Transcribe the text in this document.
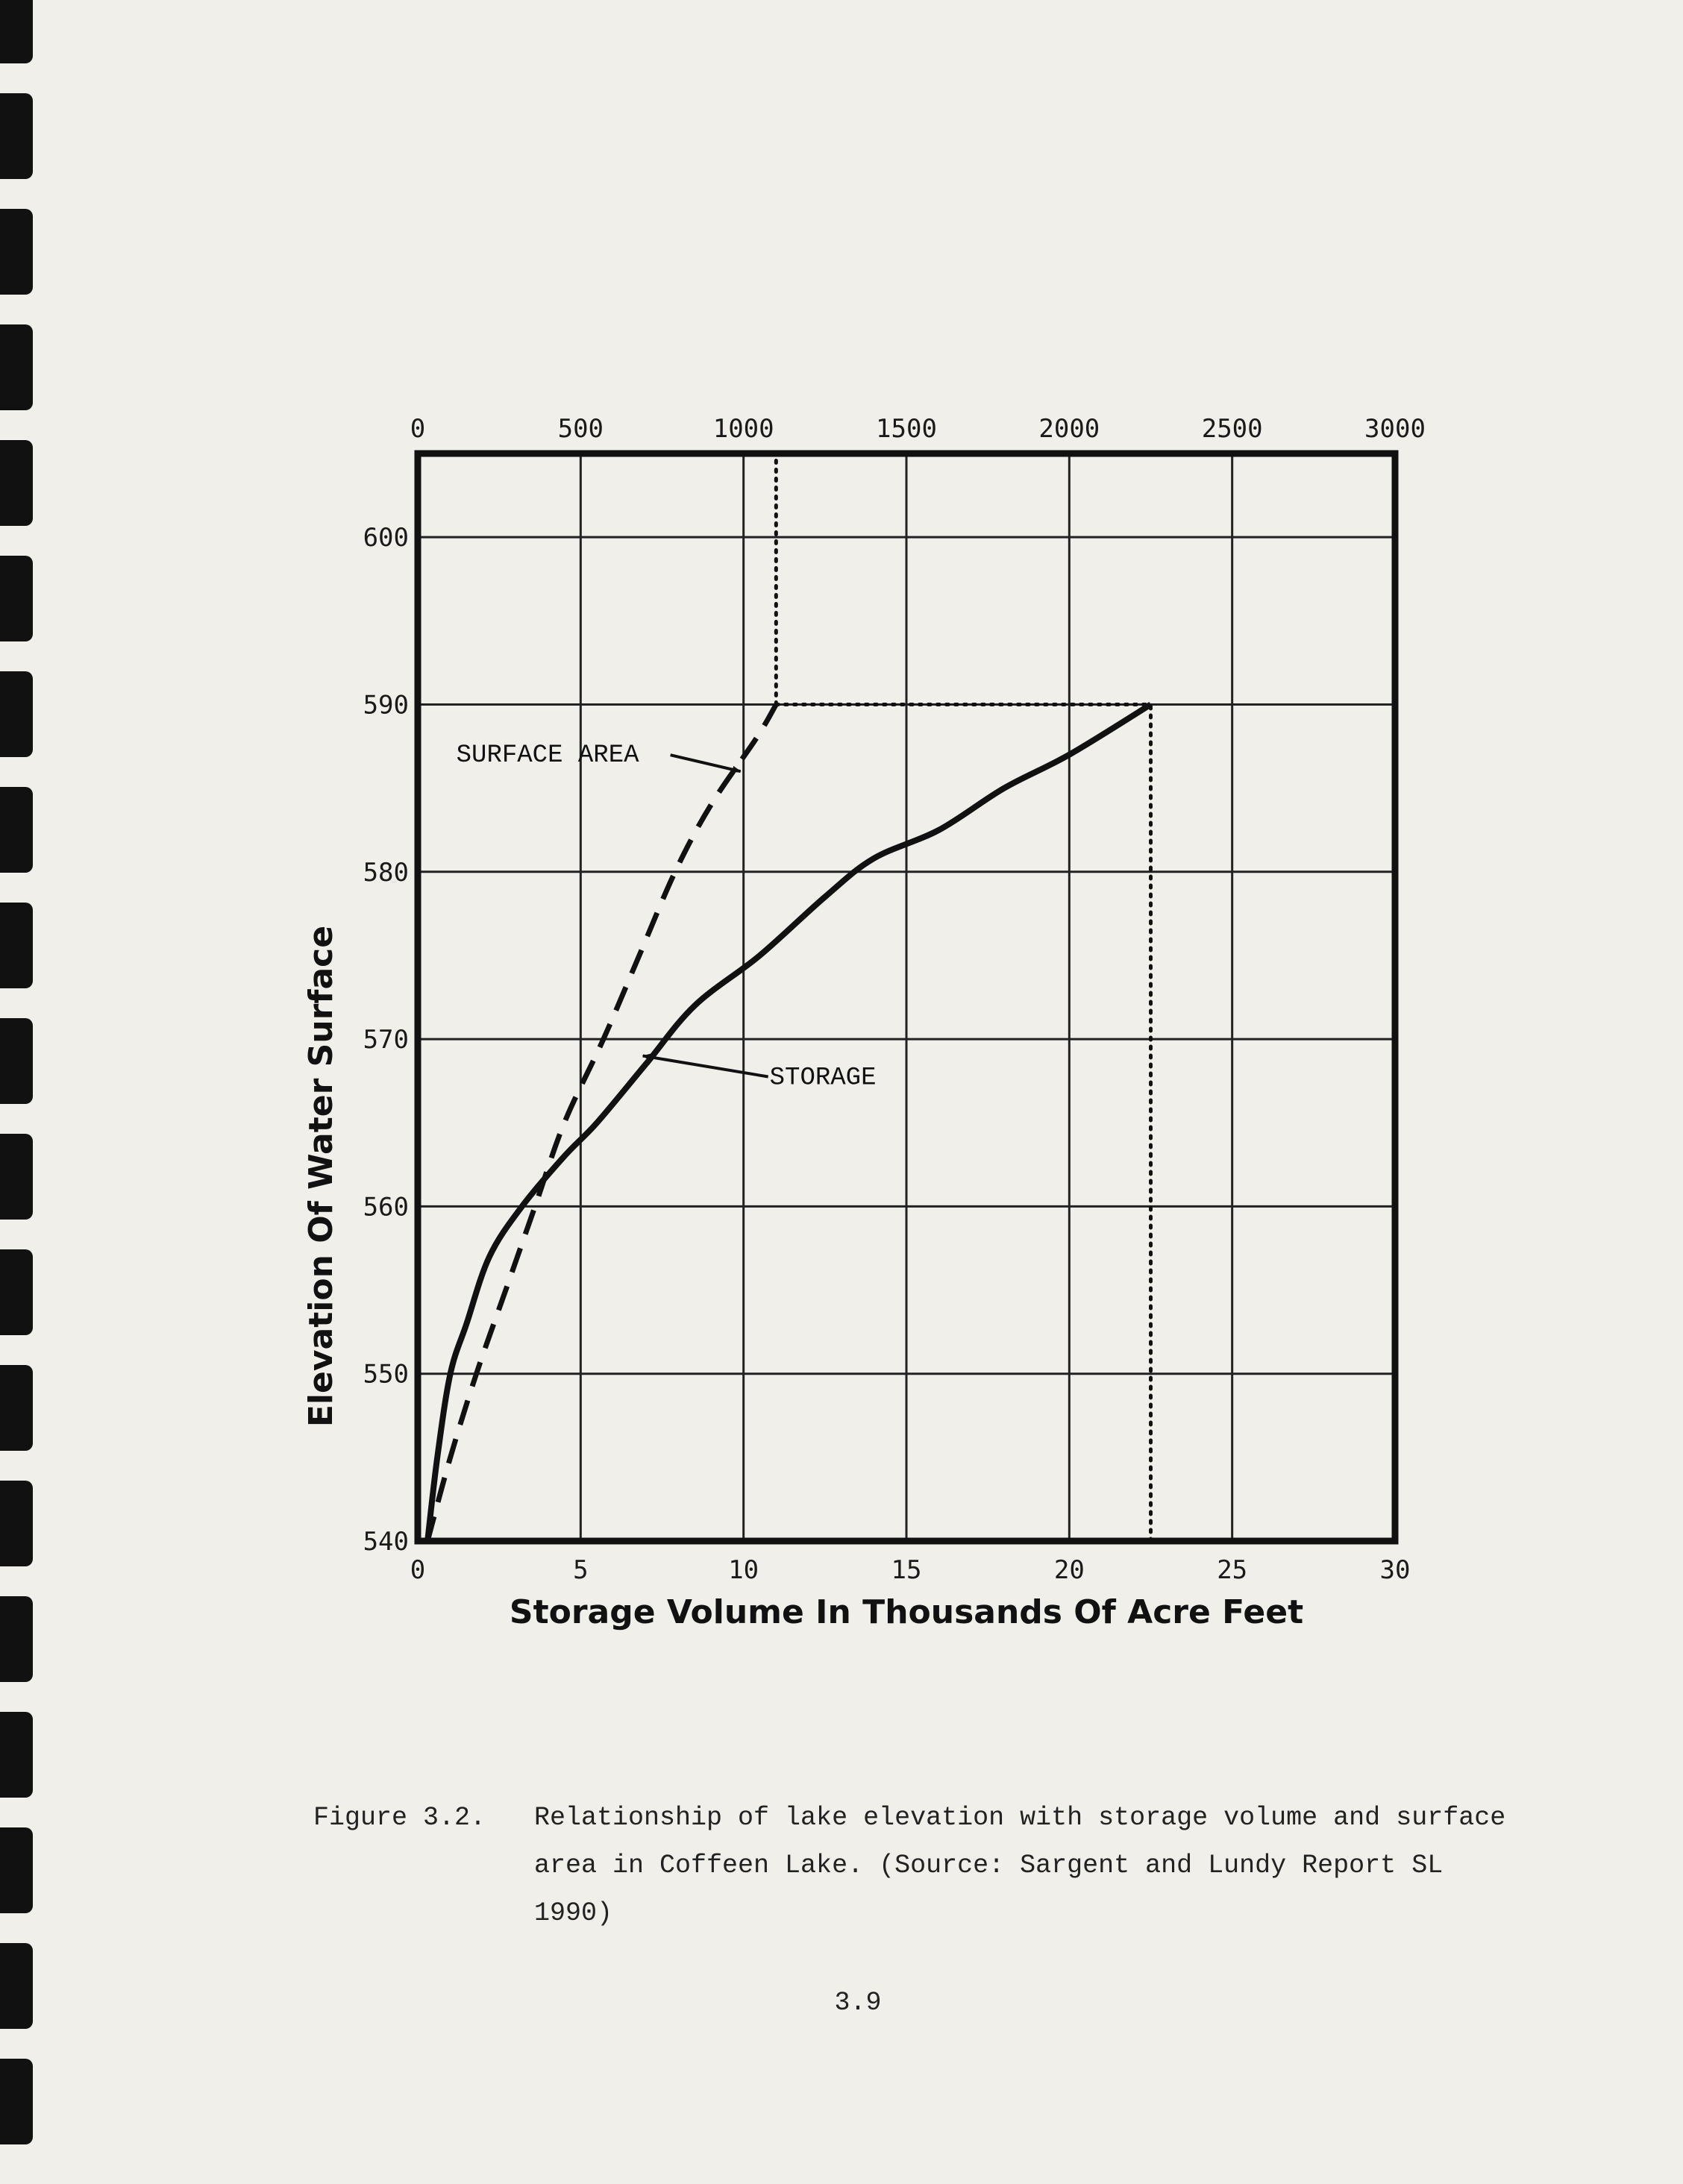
0	5	10	15	20	25	30
0	500	1000	1500	2000	2500	3000
540
550
560
570
580
590
600
SURFACE AREA
STORAGE
Storage Volume In Thousands Of Acre Feet
Elevation Of Water Surface
Figure 3.2. Relationship of lake elevation with storage volume and surface area in Coffeen Lake. (Source: Sargent and Lundy Report SL 1990)
3.9
